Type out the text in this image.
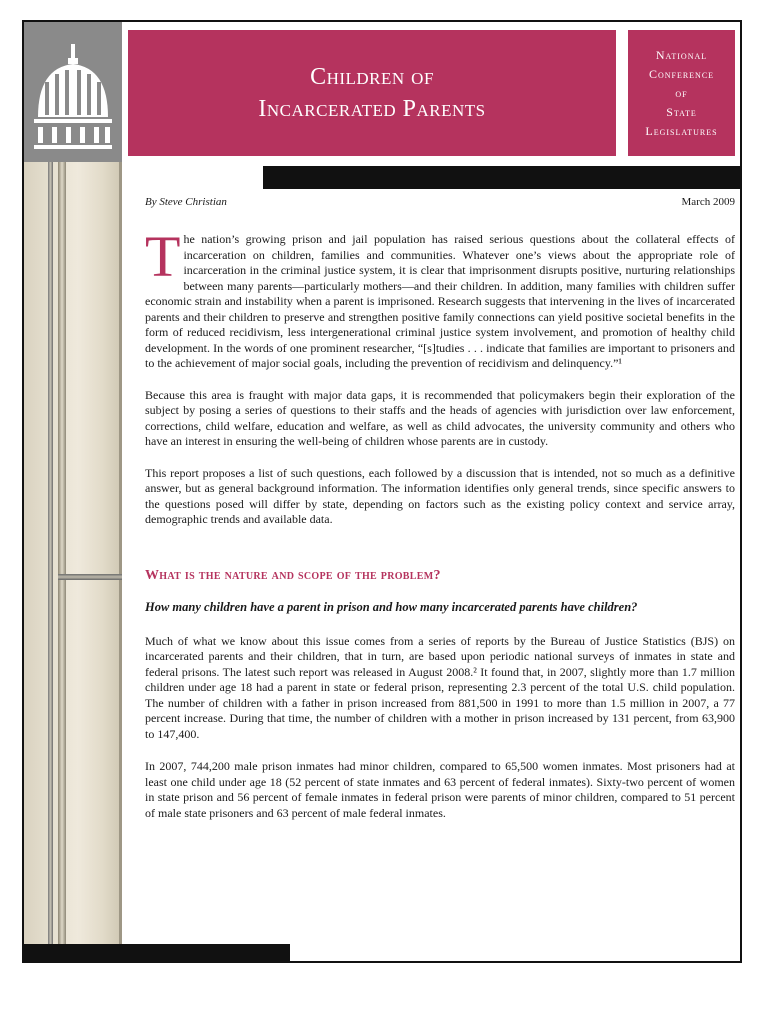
Children of
Incarcerated Parents
National
Conference
of
State
Legislatures
By Steve Christian	March 2009

The nation’s growing prison and jail population has raised serious questions about the collateral effects of incarceration on children, families and communities. Whatever one’s views about the appropriate role of incarceration in the criminal justice system, it is clear that imprisonment disrupts positive, nurturing relationships between many parents—particularly mothers—and their children. In addition, many families with children suffer economic strain and instability when a parent is imprisoned. Research suggests that intervening in the lives of incarcerated parents and their children to preserve and strengthen positive family connections can yield positive societal benefits in the form of reduced recidivism, less intergenerational criminal justice system involvement, and promotion of healthy child development. In the words of one prominent researcher, “[s]tudies . . . indicate that families are important to prisoners and to the achievement of major social goals, including the prevention of recidivism and delinquency.”¹

Because this area is fraught with major data gaps, it is recommended that policymakers begin their exploration of the subject by posing a series of questions to their staffs and the heads of agencies with jurisdiction over law enforcement, corrections, child welfare, education and welfare, as well as child advocates, the university community and others who have an interest in ensuring the well-being of children whose parents are in custody.

This report proposes a list of such questions, each followed by a discussion that is intended, not so much as a definitive answer, but as general background information. The information identifies only general trends, since specific answers to the questions posed will differ by state, depending on factors such as the existing policy context and service array, demographic trends and available data.

What is the nature and scope of the problem?
How many children have a parent in prison and how many incarcerated parents have children?

Much of what we know about this issue comes from a series of reports by the Bureau of Justice Statistics (BJS) on incarcerated parents and their children, that in turn, are based upon periodic national surveys of inmates in state and federal prisons. The latest such report was released in August 2008.² It found that, in 2007, slightly more than 1.7 million children under age 18 had a parent in state or federal prison, representing 2.3 percent of the total U.S. child population. The number of children with a father in prison increased from 881,500 in 1991 to more than 1.5 million in 2007, a 77 percent increase. During that time, the number of children with a mother in prison increased by 131 percent, from 63,900 to 147,400.

In 2007, 744,200 male prison inmates had minor children, compared to 65,500 women inmates. Most prisoners had at least one child under age 18 (52 percent of state inmates and 63 percent of federal inmates). Sixty-two percent of women in state prison and 56 percent of female inmates in federal prison were parents of minor children, compared to 51 percent of male state prisoners and 63 percent of male federal inmates.
